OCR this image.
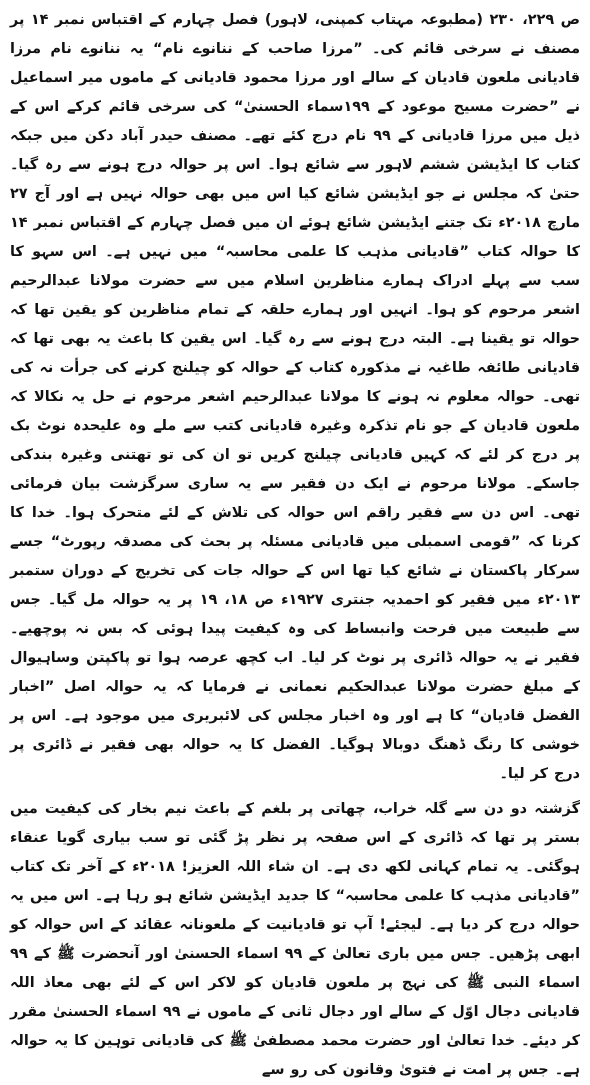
ص ۲۲۹، ۲۳۰ (مطبوعہ مہتاب کمپنی، لاہور) فصل چہارم کے اقتباس نمبر ۱۴ پر مصنف نے سرخی قائم کی۔ ”مرزا صاحب کے ننانوے نام“ یہ ننانوے نام مرزا قادیانی ملعون قادیان کے سالے اور مرزا محمود قادیانی کے ماموں میر اسماعیل نے ”حضرت مسیح موعود کے ۱۹۹سماء الحسنیٰ“ کی سرخی قائم کرکے اس کے ذیل میں مرزا قادیانی کے ۹۹ نام درج کئے تھے۔ مصنف حیدر آباد دکن میں جبکہ کتاب کا ایڈیشن ششم لاہور سے شائع ہوا۔ اس پر حوالہ درج ہونے سے رہ گیا۔ حتیٰ کہ مجلس نے جو ایڈیشن شائع کیا اس میں بھی حوالہ نہیں ہے اور آج ۲۷ مارچ ۲۰۱۸ء تک جتنے ایڈیشن شائع ہوئے ان میں فصل چہارم کے اقتباس نمبر ۱۴ کا حوالہ کتاب ”قادیانی مذہب کا علمی محاسبہ“ میں نہیں ہے۔ اس سہو کا سب سے پہلے ادراک ہمارے مناظرین اسلام میں سے حضرت مولانا عبدالرحیم اشعر مرحوم کو ہوا۔ انہیں اور ہمارے حلقہ کے تمام مناظرین کو یقین تھا کہ حوالہ تو یقینا ہے۔ البتہ درج ہونے سے رہ گیا۔ اس یقین کا باعث یہ بھی تھا کہ قادیانی طائفہ طاغیہ نے مذکورہ کتاب کے حوالہ کو چیلنج کرنے کی جرأت نہ کی تھی۔ حوالہ معلوم نہ ہونے کا مولانا عبدالرحیم اشعر مرحوم نے حل یہ نکالا کہ ملعون قادیان کے جو نام تذکرہ وغیرہ قادیانی کتب سے ملے وہ علیحدہ نوٹ بک پر درج کر لئے کہ کہیں قادیانی چیلنج کریں تو ان کی تو تھتنی وغیرہ بندکی جاسکے۔ مولانا مرحوم نے ایک دن فقیر سے یہ ساری سرگزشت بیان فرمائی تھی۔ اس دن سے فقیر راقم اس حوالہ کی تلاش کے لئے متحرک ہوا۔ خدا کا کرنا کہ ”قومی اسمبلی میں قادیانی مسئلہ پر بحث کی مصدقہ رپورٹ“ جسے سرکار پاکستان نے شائع کیا تھا اس کے حوالہ جات کی تخریج کے دوران ستمبر ۲۰۱۳ء میں فقیر کو احمدیہ جنتری ۱۹۲۷ء ص ۱۸، ۱۹ پر یہ حوالہ مل گیا۔ جس سے طبیعت میں فرحت وانبساط کی وہ کیفیت پیدا ہوئی کہ بس نہ پوچھیے۔ فقیر نے یہ حوالہ ڈائری پر نوٹ کر لیا۔ اب کچھ عرصہ ہوا تو پاکپتن وساہیوال کے مبلغ حضرت مولانا عبدالحکیم نعمانی نے فرمایا کہ یہ حوالہ اصل ”اخبار الفضل قادیان“ کا ہے اور وہ اخبار مجلس کی لائبریری میں موجود ہے۔ اس پر خوشی کا رنگ ڈھنگ دوبالا ہوگیا۔ الفضل کا یہ حوالہ بھی فقیر نے ڈائری پر درج کر لیا۔

گزشتہ دو دن سے گلہ خراب، چھاتی پر بلغم کے باعث نیم بخار کی کیفیت میں بستر پر تھا کہ ڈائری کے اس صفحہ پر نظر پڑ گئی تو سب بیاری گویا عنقاء ہوگئی۔ یہ تمام کہانی لکھ دی ہے۔ ان شاء اللہ العزیز! ۲۰۱۸ء کے آخر تک کتاب ”قادیانی مذہب کا علمی محاسبہ“ کا جدید ایڈیشن شائع ہو رہا ہے۔ اس میں یہ حوالہ درج کر دیا ہے۔ لیجئے! آپ تو قادیانیت کے ملعونانہ عقائد کے اس حوالہ کو ابھی پڑھیں۔ جس میں باری تعالیٰ کے ۹۹ اسماء الحسنیٰ اور آنحضرت ﷺ کے ۹۹ اسماء النبی ﷺ کی نہج پر ملعون قادیان کو لاکر اس کے لئے بھی معاذ اللہ قادیانی دجال اوّل کے سالے اور دجال ثانی کے ماموں نے ۹۹ اسماء الحسنیٰ مقرر کر دیئے۔ خدا تعالیٰ اور حضرت محمد مصطفیٰ ﷺ کی قادیانی توہین کا یہ حوالہ ہے۔ جس پر امت نے فتویٰ وقانون کی رو سے
